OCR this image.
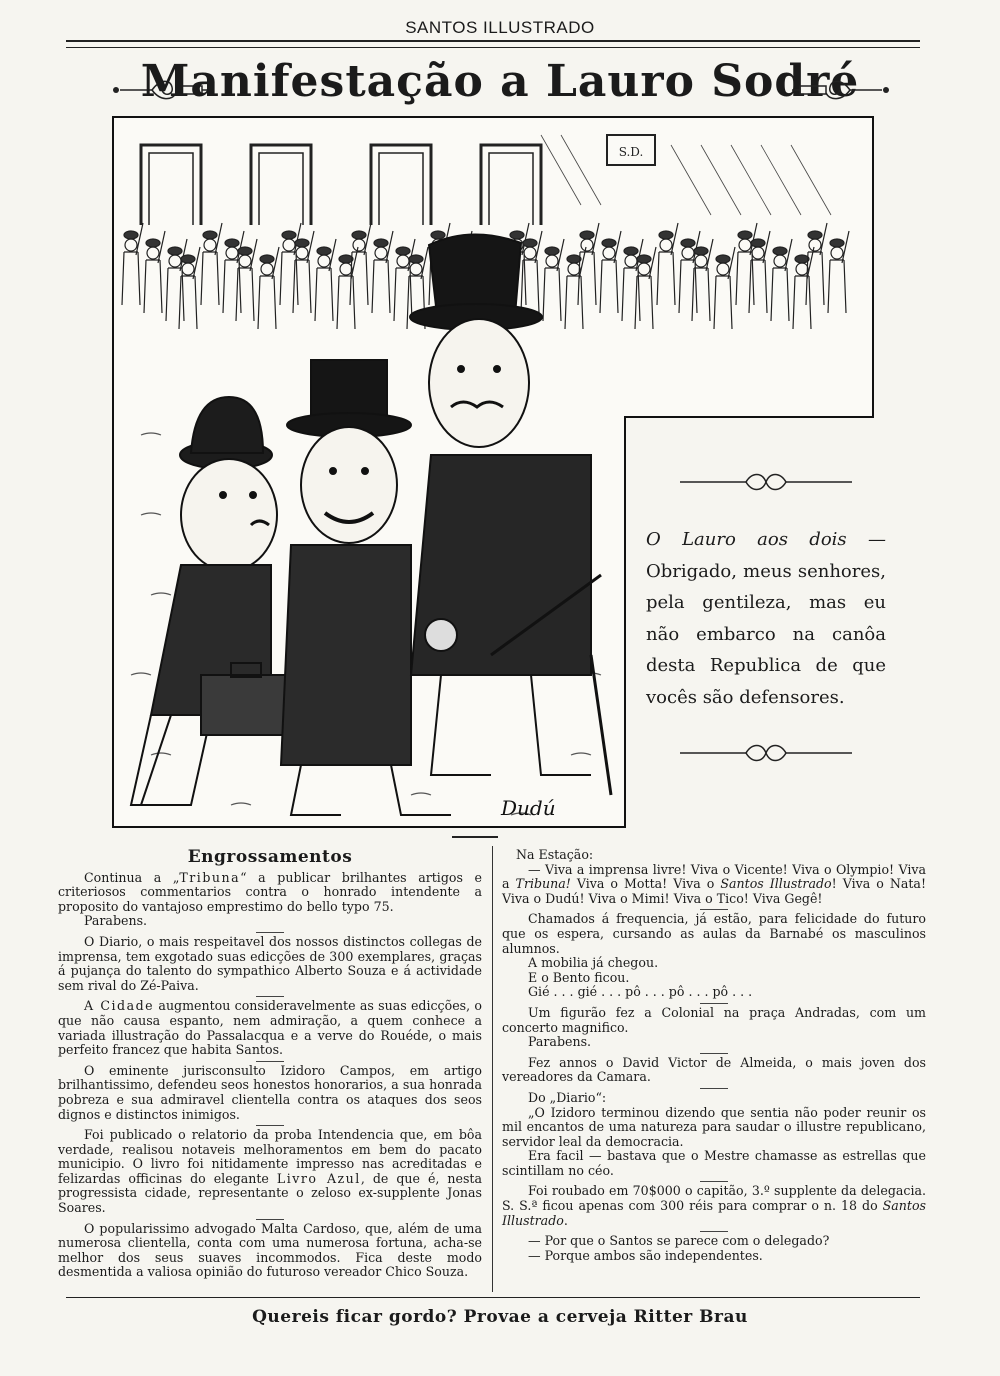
SANTOS ILLUSTRADO
Manifestação a Lauro Sodré
S.D.
Dudú
O Lauro aos dois — Obrigado, meus senhores, pela gentileza, mas eu não embarco na canôa desta Republica de que vocês são defensores.
Engrossamentos

Continua a „Tribuna“ a publicar brilhantes artigos e criteriosos commentarios contra o honrado intendente a proposito do vantajoso emprestimo do bello typo 75.

Parabens.

O Diario, o mais respeitavel dos nossos distinctos collegas de imprensa, tem exgotado suas edicções de 300 exemplares, graças á pujança do talento do sympathico Alberto Souza e á actividade sem rival do Zé-Paiva.

A Cidade augmentou consideravelmente as suas edicções, o que não causa espanto, nem admiração, a quem conhece a variada illustração do Passalacqua e a verve do Rouéde, o mais perfeito francez que habita Santos.

O eminente jurisconsulto Izidoro Campos, em artigo brilhantissimo, defendeu seos honestos honorarios, a sua honrada pobreza e sua admiravel clientella contra os ataques dos seos dignos e distinctos inimigos.

Foi publicado o relatorio da proba Intendencia que, em bôa verdade, realisou notaveis melhoramentos em bem do pacato municipio. O livro foi nitidamente impresso nas acreditadas e felizardas officinas do elegante Livro Azul, de que é, nesta progressista cidade, representante o zeloso ex-supplente Jonas Soares.

O popularissimo advogado Malta Cardoso, que, além de uma numerosa clientella, conta com uma numerosa fortuna, acha-se melhor dos seus suaves incommodos. Fica deste modo desmentida a valiosa opinião do futuroso vereador Chico Souza.

Na Estação:

— Viva a imprensa livre! Viva o Vicente! Viva o Olympio! Viva a Tribuna! Viva o Motta! Viva o Santos Illustrado! Viva o Nata! Viva o Dudú! Viva o Mimi! Viva o Tico! Viva Gegê!

Chamados á frequencia, já estão, para felicidade do futuro que os espera, cursando as aulas da Barnabé os masculinos alumnos.

A mobilia já chegou.

E o Bento ficou.

Gié . . . gié . . . pô . . . pô . . . pô . . .

Um figurão fez a Colonial na praça Andradas, com um concerto magnifico.

Parabens.

Fez annos o David Victor de Almeida, o mais joven dos vereadores da Camara.

Do „Diario“:

„O Izidoro terminou dizendo que sentia não poder reunir os mil encantos de uma natureza para saudar o illustre republicano, servidor leal da democracia.

Era facil — bastava que o Mestre chamasse as estrellas que scintillam no céo.

Foi roubado em 70$000 o capitão, 3.º supplente da delegacia. S. S.ª ficou apenas com 300 réis para comprar o n. 18 do Santos Illustrado.

— Por que o Santos se parece com o delegado?

— Porque ambos são independentes.

Quereis ficar gordo? Provae a cerveja Ritter Brau
